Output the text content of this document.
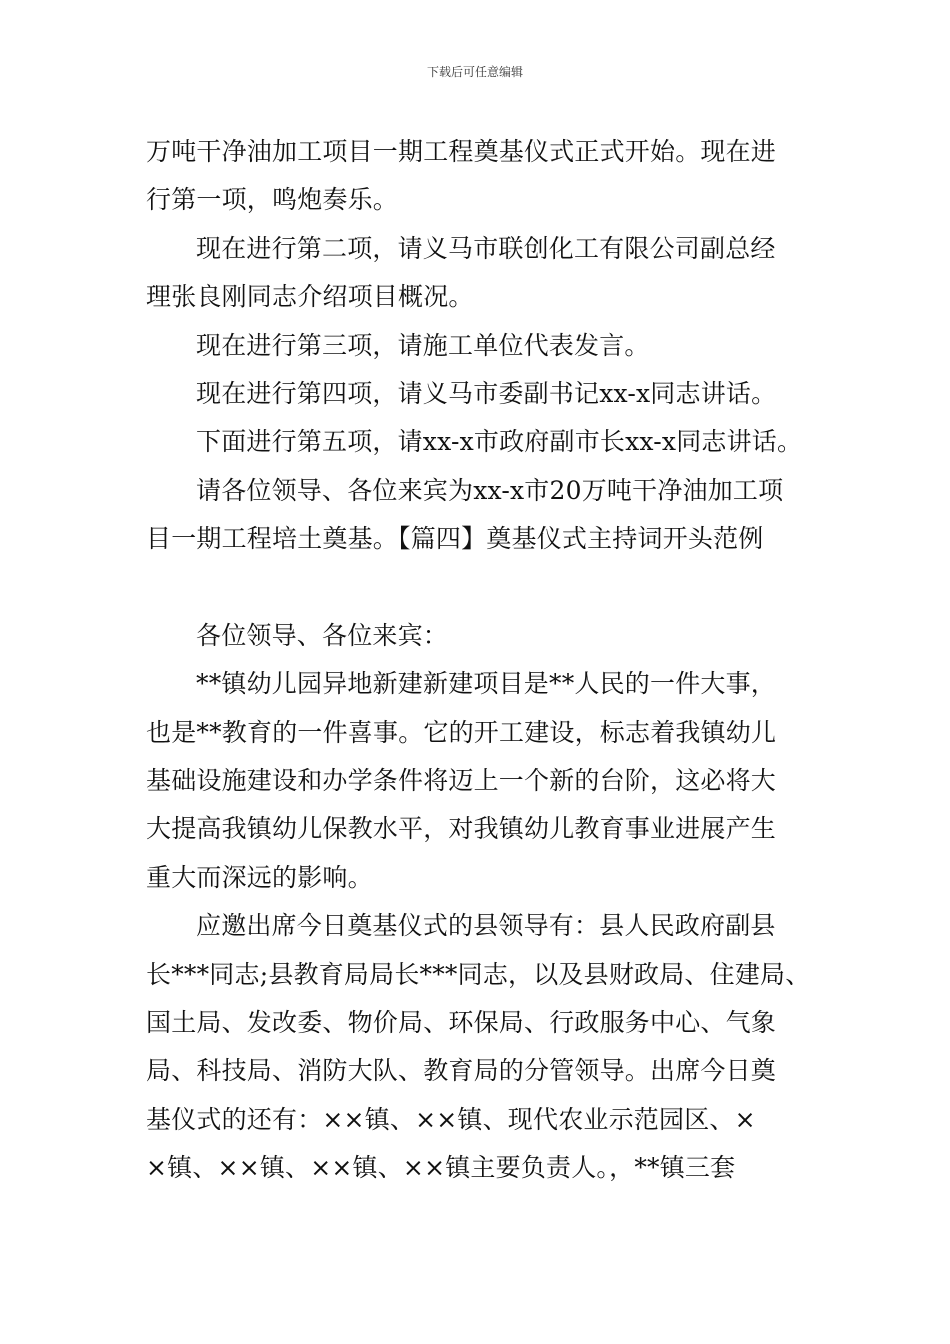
下载后可任意编辑
万吨干净油加工项目一期工程奠基仪式正式开始。现在进
行第一项，鸣炮奏乐。
现在进行第二项，请义马市联创化工有限公司副总经
理张良刚同志介绍项目概况。
现在进行第三项，请施工单位代表发言。
现在进行第四项，请义马市委副书记xx-x同志讲话。
下面进行第五项，请xx-x市政府副市长xx-x同志讲话。
请各位领导、各位来宾为xx-x市20万吨干净油加工项
目一期工程培土奠基。【篇四】奠基仪式主持词开头范例
各位领导、各位来宾：
**镇幼儿园异地新建新建项目是**人民的一件大事，
也是**教育的一件喜事。它的开工建设，标志着我镇幼儿
基础设施建设和办学条件将迈上一个新的台阶，这必将大
大提高我镇幼儿保教水平，对我镇幼儿教育事业进展产生
重大而深远的影响。
应邀出席今日奠基仪式的县领导有：县人民政府副县
长***同志;县教育局局长***同志，以及县财政局、住建局、
国土局、发改委、物价局、环保局、行政服务中心、气象
局、科技局、消防大队、教育局的分管领导。出席今日奠
基仪式的还有：××镇、××镇、现代农业示范园区、×
×镇、××镇、××镇、××镇主要负责人。，**镇三套
